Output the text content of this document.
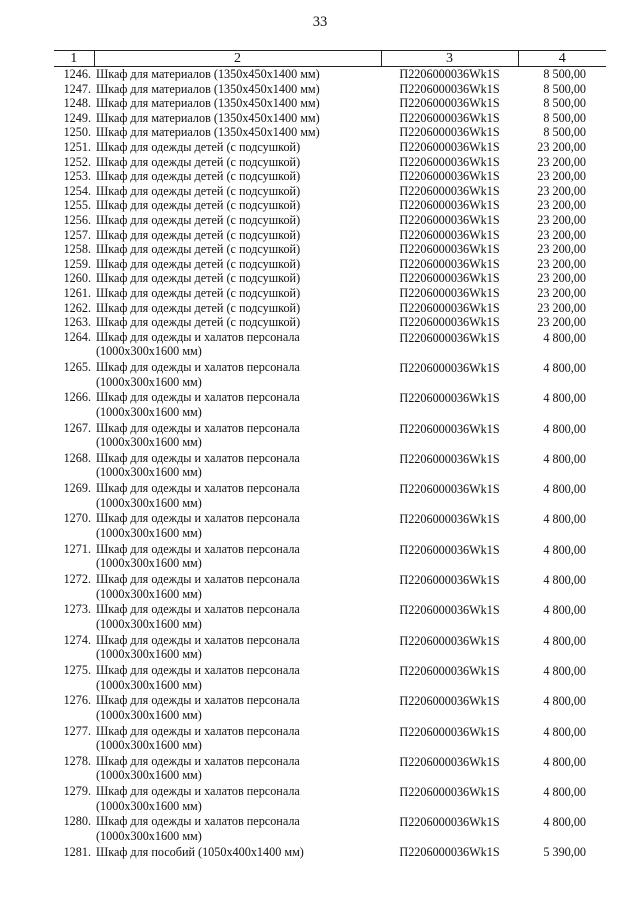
33
1	2	3	4
1246.	Шкаф для материалов (1350x450x1400 мм)	П2206000036Wk1S	8 500,00
1247.	Шкаф для материалов (1350x450x1400 мм)	П2206000036Wk1S	8 500,00
1248.	Шкаф для материалов (1350x450x1400 мм)	П2206000036Wk1S	8 500,00
1249.	Шкаф для материалов (1350x450x1400 мм)	П2206000036Wk1S	8 500,00
1250.	Шкаф для материалов (1350x450x1400 мм)	П2206000036Wk1S	8 500,00
1251.	Шкаф для одежды детей (с подсушкой)	П2206000036Wk1S	23 200,00
1252.	Шкаф для одежды детей (с подсушкой)	П2206000036Wk1S	23 200,00
1253.	Шкаф для одежды детей (с подсушкой)	П2206000036Wk1S	23 200,00
1254.	Шкаф для одежды детей (с подсушкой)	П2206000036Wk1S	23 200,00
1255.	Шкаф для одежды детей (с подсушкой)	П2206000036Wk1S	23 200,00
1256.	Шкаф для одежды детей (с подсушкой)	П2206000036Wk1S	23 200,00
1257.	Шкаф для одежды детей (с подсушкой)	П2206000036Wk1S	23 200,00
1258.	Шкаф для одежды детей (с подсушкой)	П2206000036Wk1S	23 200,00
1259.	Шкаф для одежды детей (с подсушкой)	П2206000036Wk1S	23 200,00
1260.	Шкаф для одежды детей (с подсушкой)	П2206000036Wk1S	23 200,00
1261.	Шкаф для одежды детей (с подсушкой)	П2206000036Wk1S	23 200,00
1262.	Шкаф для одежды детей (с подсушкой)	П2206000036Wk1S	23 200,00
1263.	Шкаф для одежды детей (с подсушкой)	П2206000036Wk1S	23 200,00
1264.	Шкаф для одежды и халатов персонала
(1000x300x1600 мм)	П2206000036Wk1S	4 800,00
1265.	Шкаф для одежды и халатов персонала
(1000x300x1600 мм)	П2206000036Wk1S	4 800,00
1266.	Шкаф для одежды и халатов персонала
(1000x300x1600 мм)	П2206000036Wk1S	4 800,00
1267.	Шкаф для одежды и халатов персонала
(1000x300x1600 мм)	П2206000036Wk1S	4 800,00
1268.	Шкаф для одежды и халатов персонала
(1000x300x1600 мм)	П2206000036Wk1S	4 800,00
1269.	Шкаф для одежды и халатов персонала
(1000x300x1600 мм)	П2206000036Wk1S	4 800,00
1270.	Шкаф для одежды и халатов персонала
(1000x300x1600 мм)	П2206000036Wk1S	4 800,00
1271.	Шкаф для одежды и халатов персонала
(1000x300x1600 мм)	П2206000036Wk1S	4 800,00
1272.	Шкаф для одежды и халатов персонала
(1000x300x1600 мм)	П2206000036Wk1S	4 800,00
1273.	Шкаф для одежды и халатов персонала
(1000x300x1600 мм)	П2206000036Wk1S	4 800,00
1274.	Шкаф для одежды и халатов персонала
(1000x300x1600 мм)	П2206000036Wk1S	4 800,00
1275.	Шкаф для одежды и халатов персонала
(1000x300x1600 мм)	П2206000036Wk1S	4 800,00
1276.	Шкаф для одежды и халатов персонала
(1000x300x1600 мм)	П2206000036Wk1S	4 800,00
1277.	Шкаф для одежды и халатов персонала
(1000x300x1600 мм)	П2206000036Wk1S	4 800,00
1278.	Шкаф для одежды и халатов персонала
(1000x300x1600 мм)	П2206000036Wk1S	4 800,00
1279.	Шкаф для одежды и халатов персонала
(1000x300x1600 мм)	П2206000036Wk1S	4 800,00
1280.	Шкаф для одежды и халатов персонала
(1000x300x1600 мм)	П2206000036Wk1S	4 800,00
1281.	Шкаф для пособий (1050x400x1400 мм)	П2206000036Wk1S	5 390,00
